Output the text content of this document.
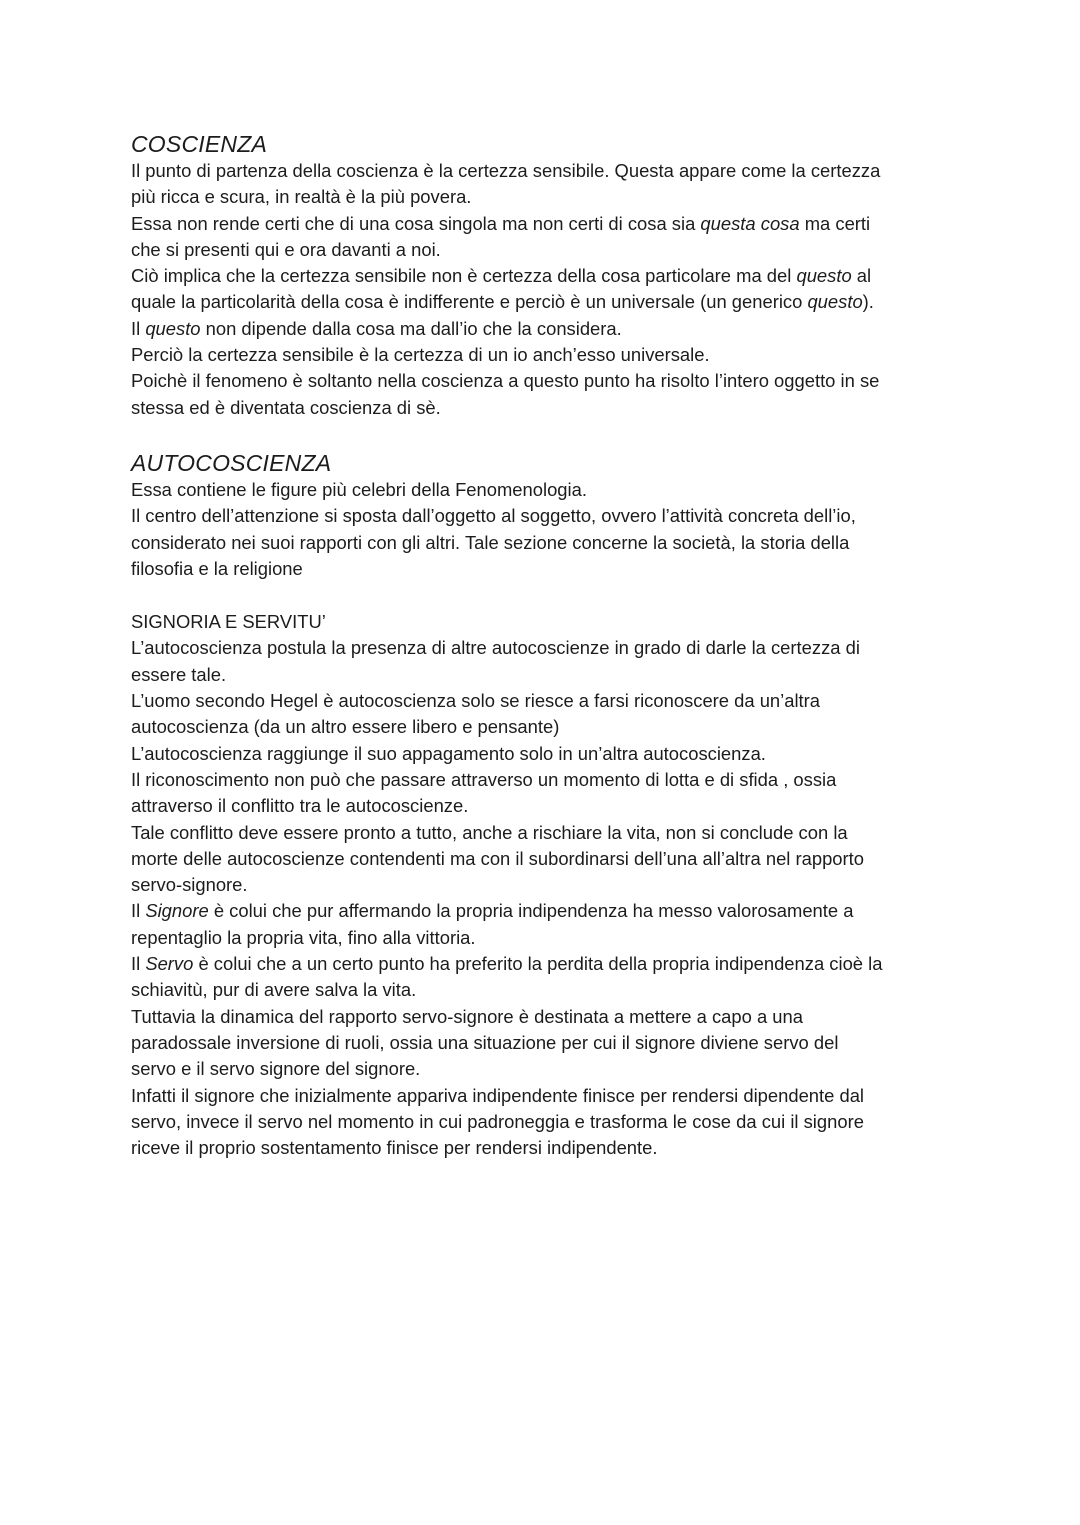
COSCIENZA
Il punto di partenza della coscienza è la certezza sensibile. Questa appare come la certezza
più ricca e scura, in realtà è la più povera.
Essa non rende certi che di una cosa singola ma non certi di cosa sia questa cosa ma certi
che si presenti qui e ora davanti a noi.
Ciò implica che la certezza sensibile non è certezza della cosa particolare ma del questo al
quale la particolarità della cosa è indifferente e perciò è un universale (un generico questo).
Il questo non dipende dalla cosa ma dall’io che la considera.
Perciò la certezza sensibile è la certezza di un io anch’esso universale.
Poichè il fenomeno è soltanto nella coscienza a questo punto ha risolto l’intero oggetto in se
stessa ed è diventata coscienza di sè.
AUTOCOSCIENZA
Essa contiene le figure più celebri della Fenomenologia.
Il centro dell’attenzione si sposta dall’oggetto al soggetto, ovvero l’attività concreta dell’io,
considerato nei suoi rapporti con gli altri. Tale sezione concerne la società, la storia della
filosofia e la religione
SIGNORIA E SERVITU’
L’autocoscienza postula la presenza di altre autocoscienze in grado di darle la certezza di
essere tale.
L’uomo secondo Hegel è autocoscienza solo se riesce a farsi riconoscere da un’altra
autocoscienza (da un altro essere libero e pensante)
L’autocoscienza raggiunge il suo appagamento solo in un’altra autocoscienza.
Il riconoscimento non può che passare attraverso un momento di lotta e di sfida , ossia
attraverso il conflitto tra le autocoscienze.
Tale conflitto deve essere pronto a tutto, anche a rischiare la vita, non si conclude con la
morte delle autocoscienze contendenti ma con il subordinarsi dell’una all’altra nel rapporto
servo-signore.
Il Signore è colui che pur affermando la propria indipendenza ha messo valorosamente a
repentaglio la propria vita, fino alla vittoria.
Il Servo è colui che a un certo punto ha preferito la perdita della propria indipendenza cioè la
schiavitù, pur di avere salva la vita.
Tuttavia la dinamica del rapporto servo-signore è destinata a mettere a capo a una
paradossale inversione di ruoli, ossia una situazione per cui il signore diviene servo del
servo e il servo signore del signore.
Infatti il signore che inizialmente appariva indipendente finisce per rendersi dipendente dal
servo, invece il servo nel momento in cui padroneggia e trasforma le cose da cui il signore
riceve il proprio sostentamento finisce per rendersi indipendente.
